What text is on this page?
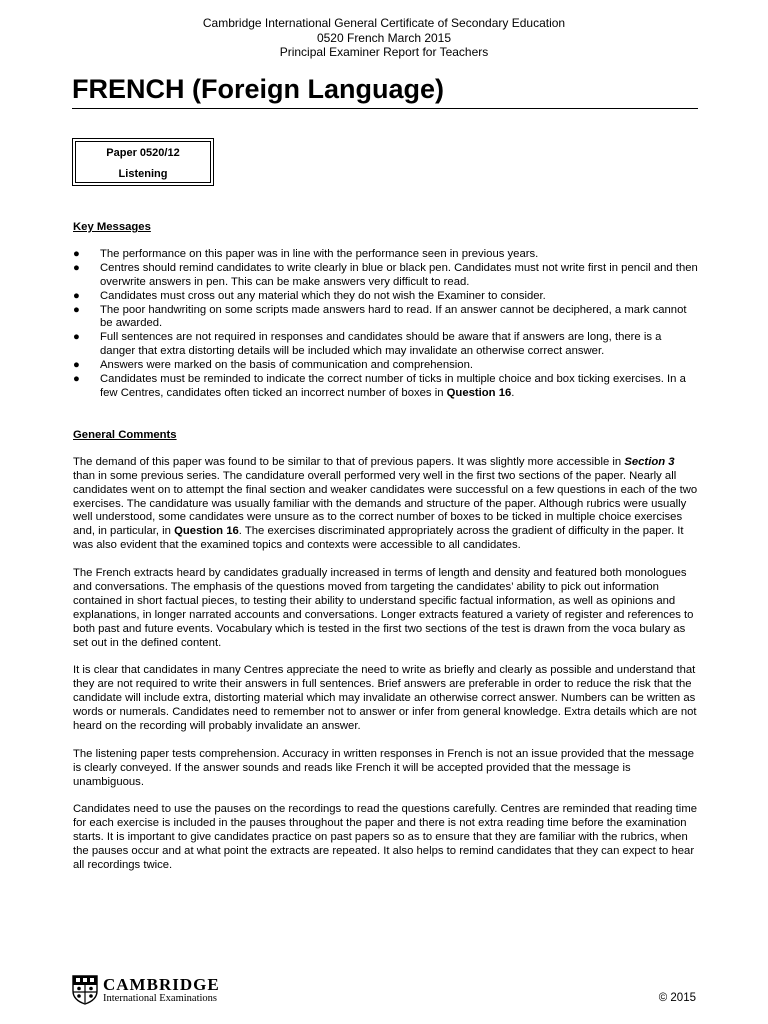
Cambridge International General Certificate of Secondary Education
0520 French March 2015
Principal Examiner Report for Teachers
FRENCH (Foreign Language)
Paper 0520/12
Listening
Key Messages
● The performance on this paper was in line with the performance seen in previous years.
● Centres should remind candidates to write clearly in blue or black pen. Candidates must not write first in pencil and then overwrite answers in pen. This can be make answers very difficult to read.
● Candidates must cross out any material which they do not wish the Examiner to consider.
● The poor handwriting on some scripts made answers hard to read. If an answer cannot be deciphered, a mark cannot be awarded.
● Full sentences are not required in responses and candidates should be aware that if answers are long, there is a danger that extra distorting details will be included which may invalidate an otherwise correct answer.
● Answers were marked on the basis of communication and comprehension.
● Candidates must be reminded to indicate the correct number of ticks in multiple choice and box ticking exercises. In a few Centres, candidates often ticked an incorrect number of boxes in Question 16.
General Comments

The demand of this paper was found to be similar to that of previous papers. It was slightly more accessible in Section 3 than in some previous series. The candidature overall performed very well in the first two sections of the paper. Nearly all candidates went on to attempt the final section and weaker candidates were successful on a few questions in each of the two exercises. The candidature was usually familiar with the demands and structure of the paper. Although rubrics were usually well understood, some candidates were unsure as to the correct number of boxes to be ticked in multiple choice exercises and, in particular, in Question 16. The exercises discriminated appropriately across the gradient of difficulty in the paper. It was also evident that the examined topics and contexts were accessible to all candidates.

The French extracts heard by candidates gradually increased in terms of length and density and featured both monologues and conversations. The emphasis of the questions moved from targeting the candidates’ ability to pick out information contained in short factual pieces, to testing their ability to understand specific factual information, as well as opinions and explanations, in longer narrated accounts and conversations. Longer extracts featured a variety of register and references to both past and future events. Vocabulary which is tested in the first two sections of the test is drawn from the voca bulary as set out in the defined content.

It is clear that candidates in many Centres appreciate the need to write as briefly and clearly as possible and understand that they are not required to write their answers in full sentences. Brief answers are preferable in order to reduce the risk that the candidate will include extra, distorting material which may invalidate an otherwise correct answer. Numbers can be written as words or numerals. Candidates need to remember not to answer or infer from general knowledge. Extra details which are not heard on the recording will probably invalidate an answer.

The listening paper tests comprehension. Accuracy in written responses in French is not an issue provided that the message is clearly conveyed. If the answer sounds and reads like French it will be accepted provided that the message is unambiguous.

Candidates need to use the pauses on the recordings to read the questions carefully. Centres are reminded that reading time for each exercise is included in the pauses throughout the paper and there is not extra reading time before the examination starts. It is important to give candidates practice on past papers so as to ensure that they are familiar with the rubrics, when the pauses occur and at what point the extracts are repeated. It also helps to remind candidates that they can expect to hear all recordings twice.

CAMBRIDGE
International Examinations	© 2015
